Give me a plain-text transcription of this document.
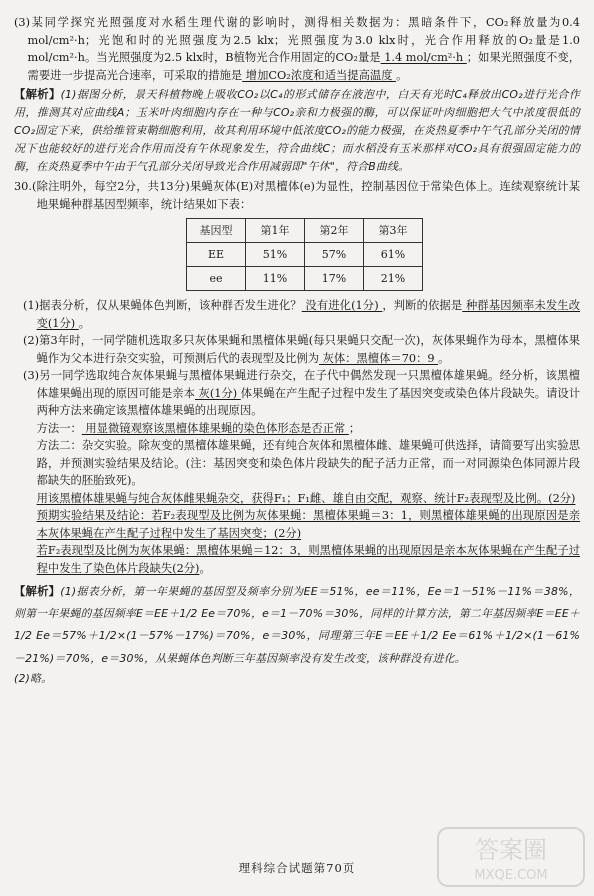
(3)某同学探究光照强度对水稻生理代谢的影响时，测得相关数据为：黑暗条件下，CO₂释放量为0.4 mol/cm²·h；光饱和时的光照强度为2.5 klx；光照强度为3.0 klx时，光合作用释放的O₂量是1.0 mol/cm²·h。当光照强度为2.5 klx时，B植物光合作用固定的CO₂量是 1.4 mol/cm²·h ；如果光照强度不变，需要进一步提高光合速率，可采取的措施是 增加CO₂浓度和适当提高温度 。

【解析】(1)据图分析，景天科植物晚上吸收CO₂以C₄的形式储存在液泡中，白天有光时C₄释放出CO₂进行光合作用，推测其对应曲线A；玉米叶肉细胞内存在一种与CO₂亲和力极强的酶，可以保证叶肉细胞把大气中浓度很低的CO₂固定下来，供给维管束鞘细胞利用，故其利用环境中低浓度CO₂的能力极强，在炎热夏季中午气孔部分关闭的情况下也能较好的进行光合作用而没有午休现象发生，符合曲线C；而水稻没有玉米那样对CO₂具有很强固定能力的酶，在炎热夏季中午由于气孔部分关闭导致光合作用减弱即"午休"，符合B曲线。

30.(除注明外，每空2分，共13分)果蝇灰体(E)对黑檀体(e)为显性，控制基因位于常染色体上。连续观察统计某地果蝇种群基因型频率，统计结果如下表：

基因型	第1年	第2年	第3年
EE	51%	57%	61%
ee	11%	17%	21%

(1)据表分析，仅从果蝇体色判断，该种群否发生进化？ 没有进化(1分) ，判断的依据是 种群基因频率未发生改变(1分) 。

(2)第3年时，一同学随机选取多只灰体果蝇和黑檀体果蝇(每只果蝇只交配一次)，灰体果蝇作为母本，黑檀体果蝇作为父本进行杂交实验，可预测后代的表现型及比例为 灰体：黑檀体＝70：9 。

(3)另一同学选取纯合灰体果蝇与黑檀体果蝇进行杂交，在子代中偶然发现一只黑檀体雄果蝇。经分析，该黑檀体雄果蝇出现的原因可能是亲本 灰(1分) 体果蝇在产生配子过程中发生了基因突变或染色体片段缺失。请设计两种方法来确定该黑檀体雄果蝇的出现原因。

方法一： 用显微镜观察该黑檀体雄果蝇的染色体形态是否正常 ；

方法二：杂交实验。除灰变的黑檀体雄果蝇，还有纯合灰体和黑檀体雌、雄果蝇可供选择，请简要写出实验思路，并预测实验结果及结论。(注：基因突变和染色体片段缺失的配子活力正常，而一对同源染色体同源片段都缺失的胚胎致死)。

用该黑檀体雄果蝇与纯合灰体雌果蝇杂交，获得F₁；F₁雌、雄自由交配，观察、统计F₂表现型及比例。(2分)

预期实验结果及结论：若F₂表现型及比例为灰体果蝇：黑檀体果蝇＝3：1，则黑檀体雄果蝇的出现原因是亲本灰体果蝇在产生配子过程中发生了基因突变；(2分)

若F₂表现型及比例为灰体果蝇：黑檀体果蝇＝12：3，则黑檀体果蝇的出现原因是亲本灰体果蝇在产生配子过程中发生了染色体片段缺失(2分)。

【解析】(1)据表分析，第一年果蝇的基因型及频率分别为EE＝51%，ee＝11%，Ee＝1－51%－11%＝38%，则第一年果蝇的基因频率E＝EE＋1/2 Ee＝70%，e＝1－70%＝30%，同样的计算方法，第二年基因频率E＝EE＋1/2 Ee＝57%＋1/2×(1－57%－17%)＝70%，e＝30%，同理第三年E＝EE＋1/2 Ee＝61%＋1/2×(1－61%－21%)＝70%，e＝30%，从果蝇体色判断三年基因频率没有发生改变，该种群没有进化。

(2)略。

理科综合试题第70页
答案圈
MXQE.COM
